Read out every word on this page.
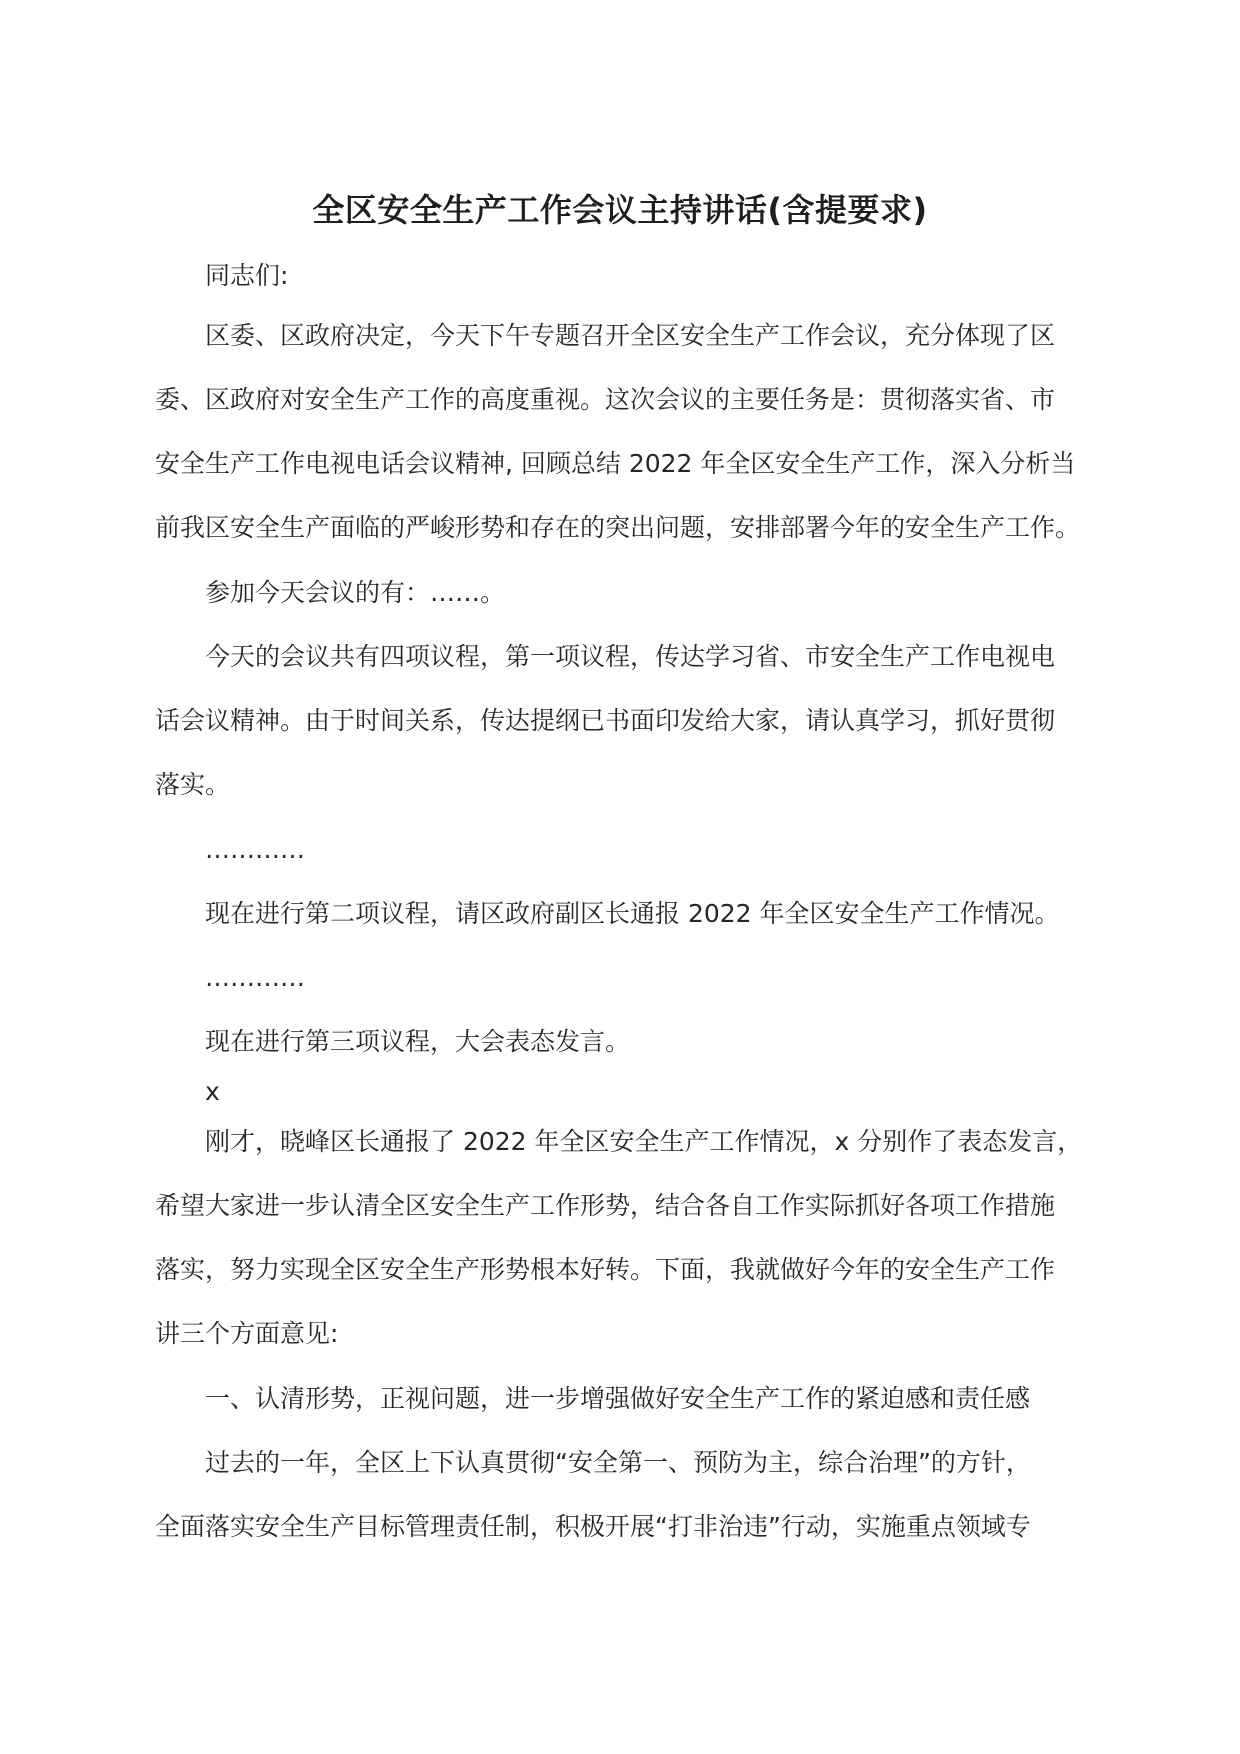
全区安全生产工作会议主持讲话(含提要求)
同志们:
区委、区政府决定，今天下午专题召开全区安全生产工作会议，充分体现了区
委、区政府对安全生产工作的高度重视。这次会议的主要任务是：贯彻落实省、市
安全生产工作电视电话会议精神, 回顾总结 2022 年全区安全生产工作，深入分析当
前我区安全生产面临的严峻形势和存在的突出问题，安排部署今年的安全生产工作。
参加今天会议的有：……。
今天的会议共有四项议程，第一项议程，传达学习省、市安全生产工作电视电
话会议精神。由于时间关系，传达提纲已书面印发给大家，请认真学习，抓好贯彻
落实。
…………
现在进行第二项议程，请区政府副区长通报 2022 年全区安全生产工作情况。
…………
现在进行第三项议程，大会表态发言。
x
刚才，晓峰区长通报了 2022 年全区安全生产工作情况，x 分别作了表态发言，
希望大家进一步认清全区安全生产工作形势，结合各自工作实际抓好各项工作措施
落实，努力实现全区安全生产形势根本好转。下面，我就做好今年的安全生产工作
讲三个方面意见:
一、认清形势，正视问题，进一步增强做好安全生产工作的紧迫感和责任感
过去的一年，全区上下认真贯彻“安全第一、预防为主，综合治理”的方针，
全面落实安全生产目标管理责任制，积极开展“打非治违”行动，实施重点领域专
